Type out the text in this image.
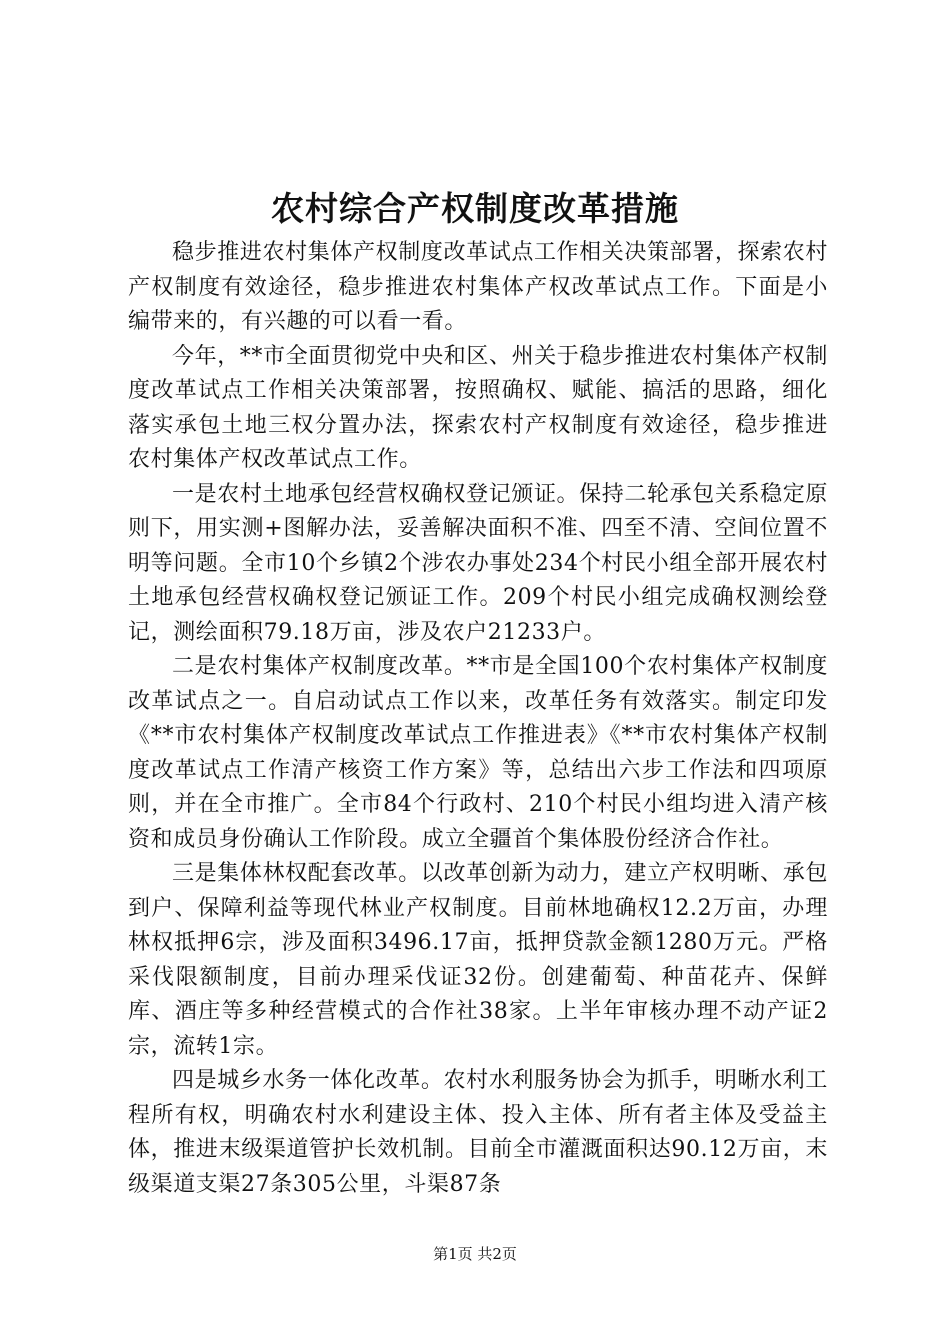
农村综合产权制度改革措施

稳步推进农村集体产权制度改革试点工作相关决策部署，探索农村产权制度有效途径，稳步推进农村集体产权改革试点工作。下面是小编带来的，有兴趣的可以看一看。

今年，**市全面贯彻党中央和区、州关于稳步推进农村集体产权制度改革试点工作相关决策部署，按照确权、赋能、搞活的思路，细化落实承包土地三权分置办法，探索农村产权制度有效途径，稳步推进农村集体产权改革试点工作。

一是农村土地承包经营权确权登记颁证。保持二轮承包关系稳定原则下，用实测+图解办法，妥善解决面积不准、四至不清、空间位置不明等问题。全市10个乡镇2个涉农办事处234个村民小组全部开展农村土地承包经营权确权登记颁证工作。209个村民小组完成确权测绘登记，测绘面积79.18万亩，涉及农户21233户。

二是农村集体产权制度改革。**市是全国100个农村集体产权制度改革试点之一。自启动试点工作以来，改革任务有效落实。制定印发《**市农村集体产权制度改革试点工作推进表》《**市农村集体产权制度改革试点工作清产核资工作方案》等，总结出六步工作法和四项原则，并在全市推广。全市84个行政村、210个村民小组均进入清产核资和成员身份确认工作阶段。成立全疆首个集体股份经济合作社。

三是集体林权配套改革。以改革创新为动力，建立产权明晰、承包到户、保障利益等现代林业产权制度。目前林地确权12.2万亩，办理林权抵押6宗，涉及面积3496.17亩，抵押贷款金额1280万元。严格采伐限额制度，目前办理采伐证32份。创建葡萄、种苗花卉、保鲜库、酒庄等多种经营模式的合作社38家。上半年审核办理不动产证2宗，流转1宗。

四是城乡水务一体化改革。农村水利服务协会为抓手，明晰水利工程所有权，明确农村水利建设主体、投入主体、所有者主体及受益主体，推进末级渠道管护长效机制。目前全市灌溉面积达90.12万亩，末级渠道支渠27条305公里，斗渠87条

第1页 共2页
